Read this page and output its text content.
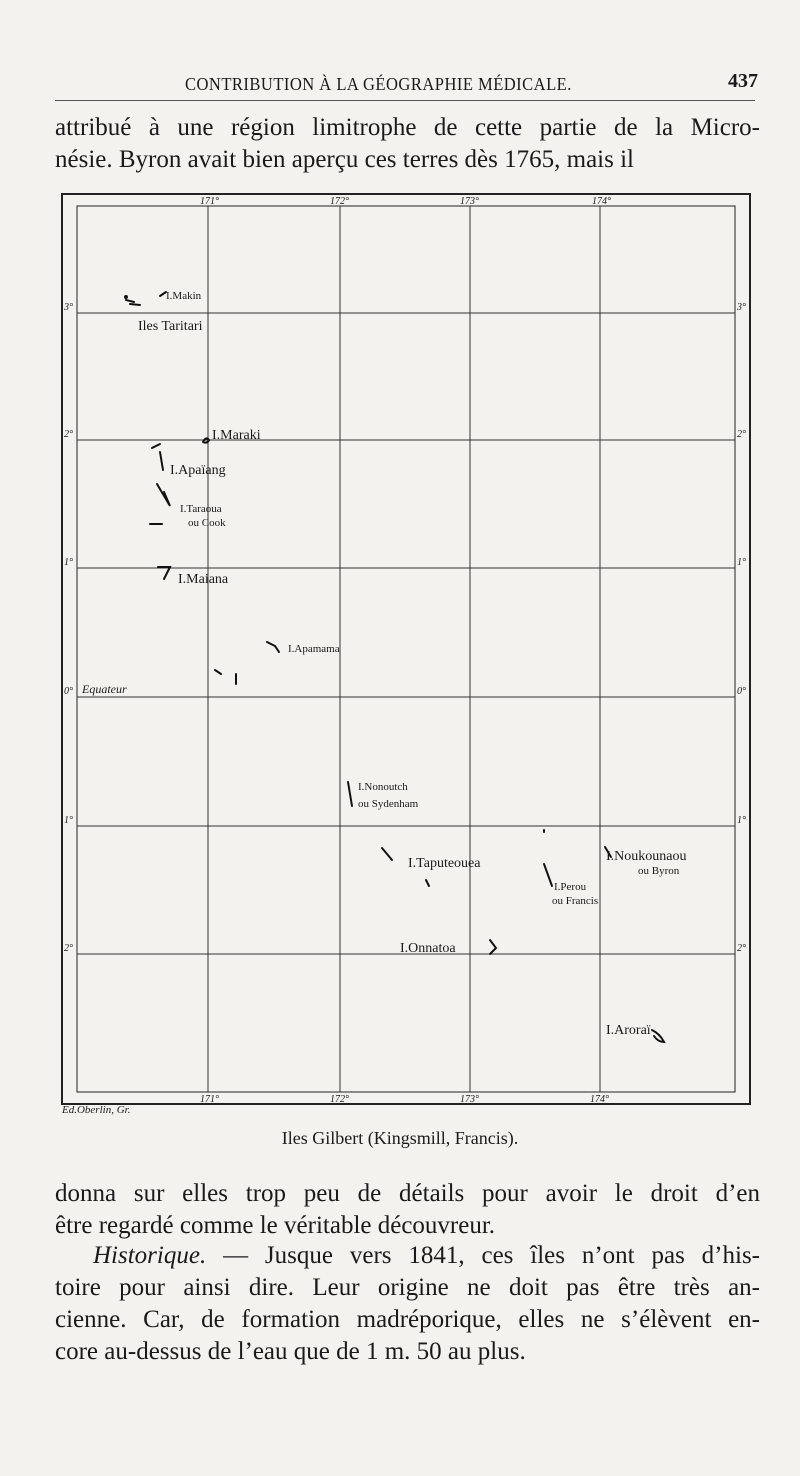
CONTRIBUTION À LA GÉOGRAPHIE MÉDICALE.	437
attribué à une région limitrophe de cette partie de la Micro-
nésie. Byron avait bien aperçu ces terres dès 1765, mais il
171°	172°	173°	174°
171°	172°	173°	174°
3°
2°
1°
0°
1°
2°
3°
2°
1°
0°
1°
2°
Equateur
I.Makin
Iles Taritari
I.Maraki
I.Apaïang
I.Taraoua
ou Cook
I.Maiana
I.Apamama
I.Nonoutch
ou Sydenham
I.Taputeouea	I.Noukounaou
ou Byron
I.Perou
ou Francis
I.Onnatoa
I.Aroraï
Ed.Oberlin, Gr.
Iles Gilbert (Kingsmill, Francis).
donna sur elles trop peu de détails pour avoir le droit d’en
être regardé comme le véritable découvreur.
Historique. — Jusque vers 1841, ces îles n’ont pas d’his-
toire pour ainsi dire. Leur origine ne doit pas être très an-
cienne. Car, de formation madréporique, elles ne s’élèvent en-
core au-dessus de l’eau que de 1 m. 50 au plus.
